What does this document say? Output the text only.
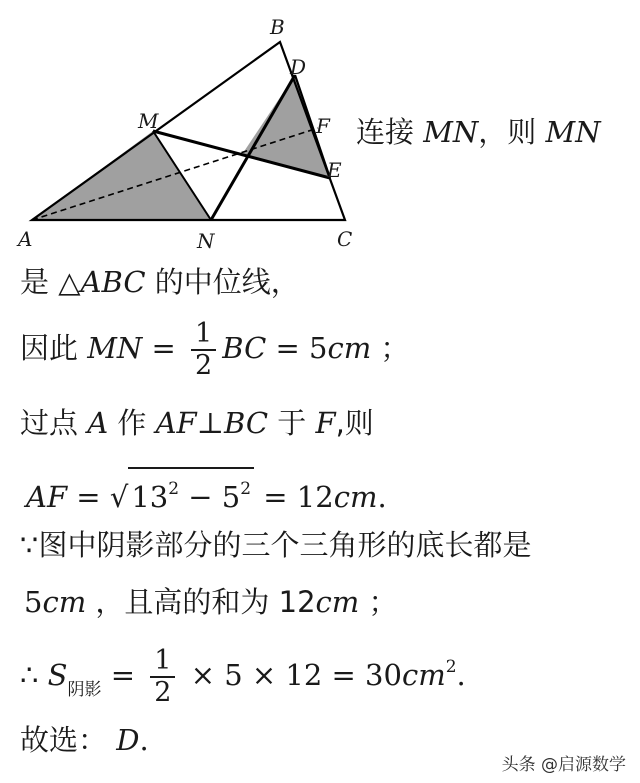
A
B
C
D
E
F
M
N
连接 MN，则 MN
是 △ABC 的中位线，
因此 MN = $\frac{1}{2}$ BC = 5cm ；
过点 A 作 AF⊥BC 于 F,则
AF = √ $13^2 - 5^2 = 12cm$.
∵图中阴影部分的三个三角形的底长都是
5cm ，且高的和为 12cm ；
∴ $S_{阴影} = \frac{1}{2} \times 5 \times 12 = 30cm^2$.
故选： D.
头条 @启源数学
